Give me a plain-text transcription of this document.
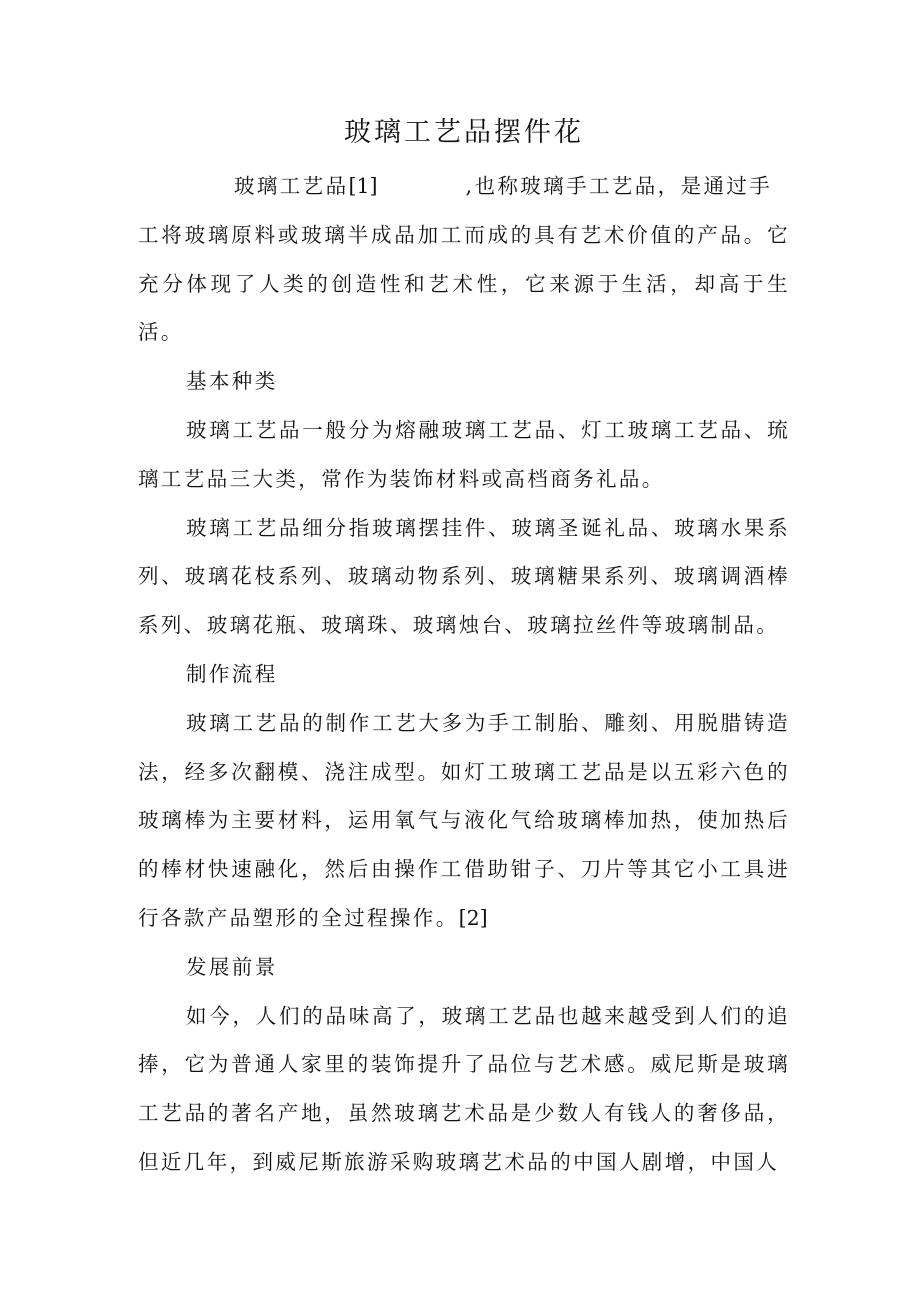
玻璃工艺品摆件花

玻璃工艺品[1]	,也称玻璃手工艺品，是通过手
工将玻璃原料或玻璃半成品加工而成的具有艺术价值的产品。它充分体现了人类的创造性和艺术性，它来源于生活，却高于生活。

基本种类

玻璃工艺品一般分为熔融玻璃工艺品、灯工玻璃工艺品、琉璃工艺品三大类，常作为装饰材料或高档商务礼品。

玻璃工艺品细分指玻璃摆挂件、玻璃圣诞礼品、玻璃水果系列、玻璃花枝系列、玻璃动物系列、玻璃糖果系列、玻璃调酒棒系列、玻璃花瓶、玻璃珠、玻璃烛台、玻璃拉丝件等玻璃制品。

制作流程

玻璃工艺品的制作工艺大多为手工制胎、雕刻、用脱腊铸造法，经多次翻模、浇注成型。如灯工玻璃工艺品是以五彩六色的玻璃棒为主要材料，运用氧气与液化气给玻璃棒加热，使加热后的棒材快速融化，然后由操作工借助钳子、刀片等其它小工具进行各款产品塑形的全过程操作。[2]

发展前景

如今，人们的品味高了，玻璃工艺品也越来越受到人们的追捧，它为普通人家里的装饰提升了品位与艺术感。威尼斯是玻璃工艺品的著名产地，虽然玻璃艺术品是少数人有钱人的奢侈品，但近几年，到威尼斯旅游采购玻璃艺术品的中国人剧增，中国人
